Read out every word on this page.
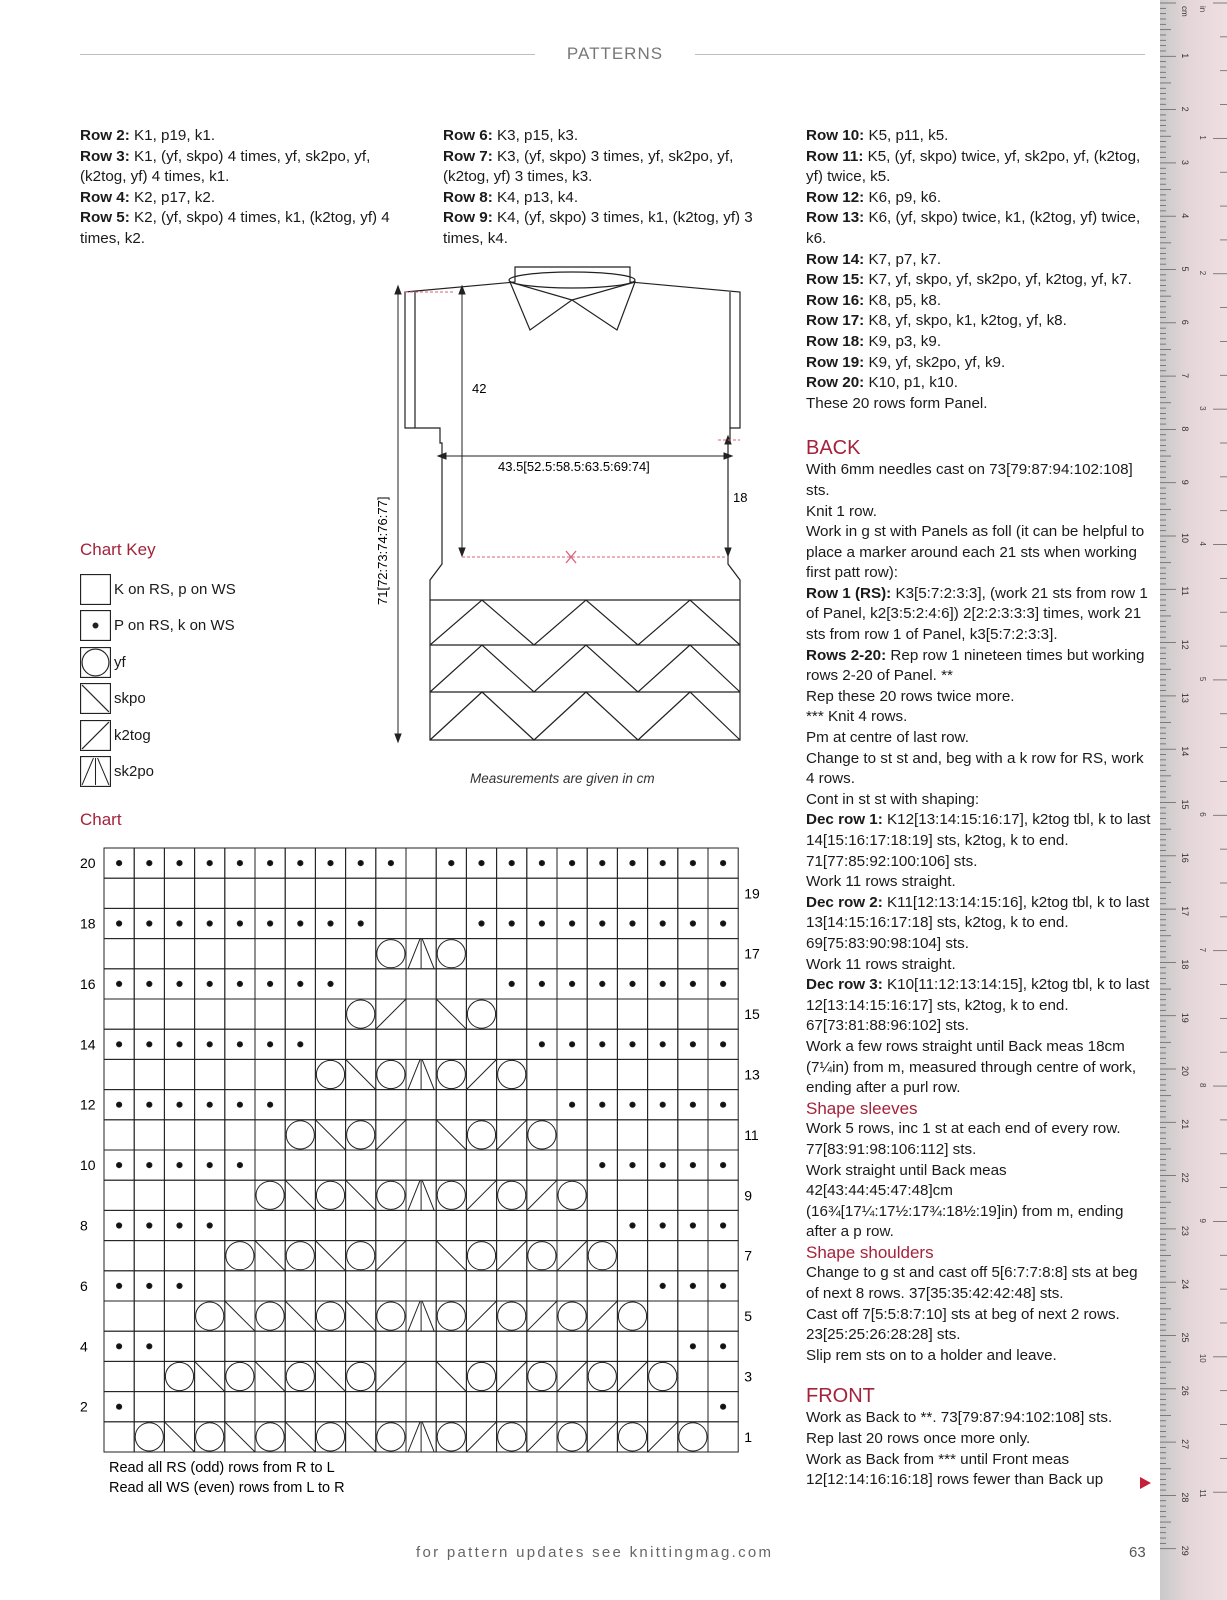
PATTERNS

Row 2: K1, p19, k1.

Row 3: K1, (yf, skpo) 4 times, yf, sk2po, yf, (k2tog, yf) 4 times, k1.

Row 4: K2, p17, k2.

Row 5: K2, (yf, skpo) 4 times, k1, (k2tog, yf) 4 times, k2.

Row 6: K3, p15, k3.

Row 7: K3, (yf, skpo) 3 times, yf, sk2po, yf, (k2tog, yf) 3 times, k3.

Row 8: K4, p13, k4.

Row 9: K4, (yf, skpo) 3 times, k1, (k2tog, yf) 3 times, k4.

Row 10: K5, p11, k5.

Row 11: K5, (yf, skpo) twice, yf, sk2po, yf, (k2tog, yf) twice, k5.

Row 12: K6, p9, k6.

Row 13: K6, (yf, skpo) twice, k1, (k2tog, yf) twice, k6.

Row 14: K7, p7, k7.

Row 15: K7, yf, skpo, yf, sk2po, yf, k2tog, yf, k7.

Row 16: K8, p5, k8.

Row 17: K8, yf, skpo, k1, k2tog, yf, k8.

Row 18: K9, p3, k9.

Row 19: K9, yf, sk2po, yf, k9.

Row 20: K10, p1, k10.

These 20 rows form Panel.

BACK

With 6mm needles cast on 73[79:87:94:102:108] sts.

Knit 1 row.

Work in g st with Panels as foll (it can be helpful to place a marker around each 21 sts when working first patt row):

Row 1 (RS): K3[5:7:2:3:3], (work 21 sts from row 1 of Panel, k2[3:5:2:4:6]) 2[2:2:3:3:3] times, work 21 sts from row 1 of Panel, k3[5:7:2:3:3].

Rows 2-20: Rep row 1 nineteen times but working rows 2-20 of Panel. **

Rep these 20 rows twice more.

*** Knit 4 rows.

Pm at centre of last row.

Change to st st and, beg with a k row for RS, work 4 rows.

Cont in st st with shaping:

Dec row 1: K12[13:14:15:16:17], k2tog tbl, k to last 14[15:16:17:18:19] sts, k2tog, k to end. 71[77:85:92:100:106] sts.

Work 11 rows straight.

Dec row 2: K11[12:13:14:15:16], k2tog tbl, k to last 13[14:15:16:17:18] sts, k2tog, k to end. 69[75:83:90:98:104] sts.

Work 11 rows straight.

Dec row 3: K10[11:12:13:14:15], k2tog tbl, k to last 12[13:14:15:16:17] sts, k2tog, k to end. 67[73:81:88:96:102] sts.

Work a few rows straight until Back meas 18cm (7¼in) from m, measured through centre of work, ending after a purl row.

Shape sleeves

Work 5 rows, inc 1 st at each end of every row. 77[83:91:98:106:112] sts.

Work straight until Back meas 42[43:44:45:47:48]cm (16¾[17¼:17½:17¾:18½:19]in) from m, ending after a p row.

Shape shoulders

Change to g st and cast off 5[6:7:7:8:8] sts at beg of next 8 rows. 37[35:35:42:42:48] sts.

Cast off 7[5:5:8:7:10] sts at beg of next 2 rows. 23[25:25:26:28:28] sts.

Slip rem sts on to a holder and leave.

FRONT

Work as Back to **. 73[79:87:94:102:108] sts.

Rep last 20 rows once more only.

Work as Back from *** until Front meas 12[12:14:16:16:18] rows fewer than Back up

42
43.5[52.5:58.5:63.5:69:74]
18
71[72:73:74:76:77]
Measurements are given in cm
Chart Key
K on RS, p on WS
P on RS, k on WS
yf
skpo
k2tog
sk2po
Chart
20
18
16
14
12
10
8
6
4
2
19
17
15
13
11
9
7
5
3
1
Read all RS (odd) rows from R to L
Read all WS (even) rows from L to R
1
2
3
4
5
6
7
8
9
10
11
12
13
14
15
16
17
18
19
20
21
22
23
24
25
26
27
28
29
1
2
3
4
5
6
7
8
9
10
11
cm in
for pattern updates see knittingmag.com	63
